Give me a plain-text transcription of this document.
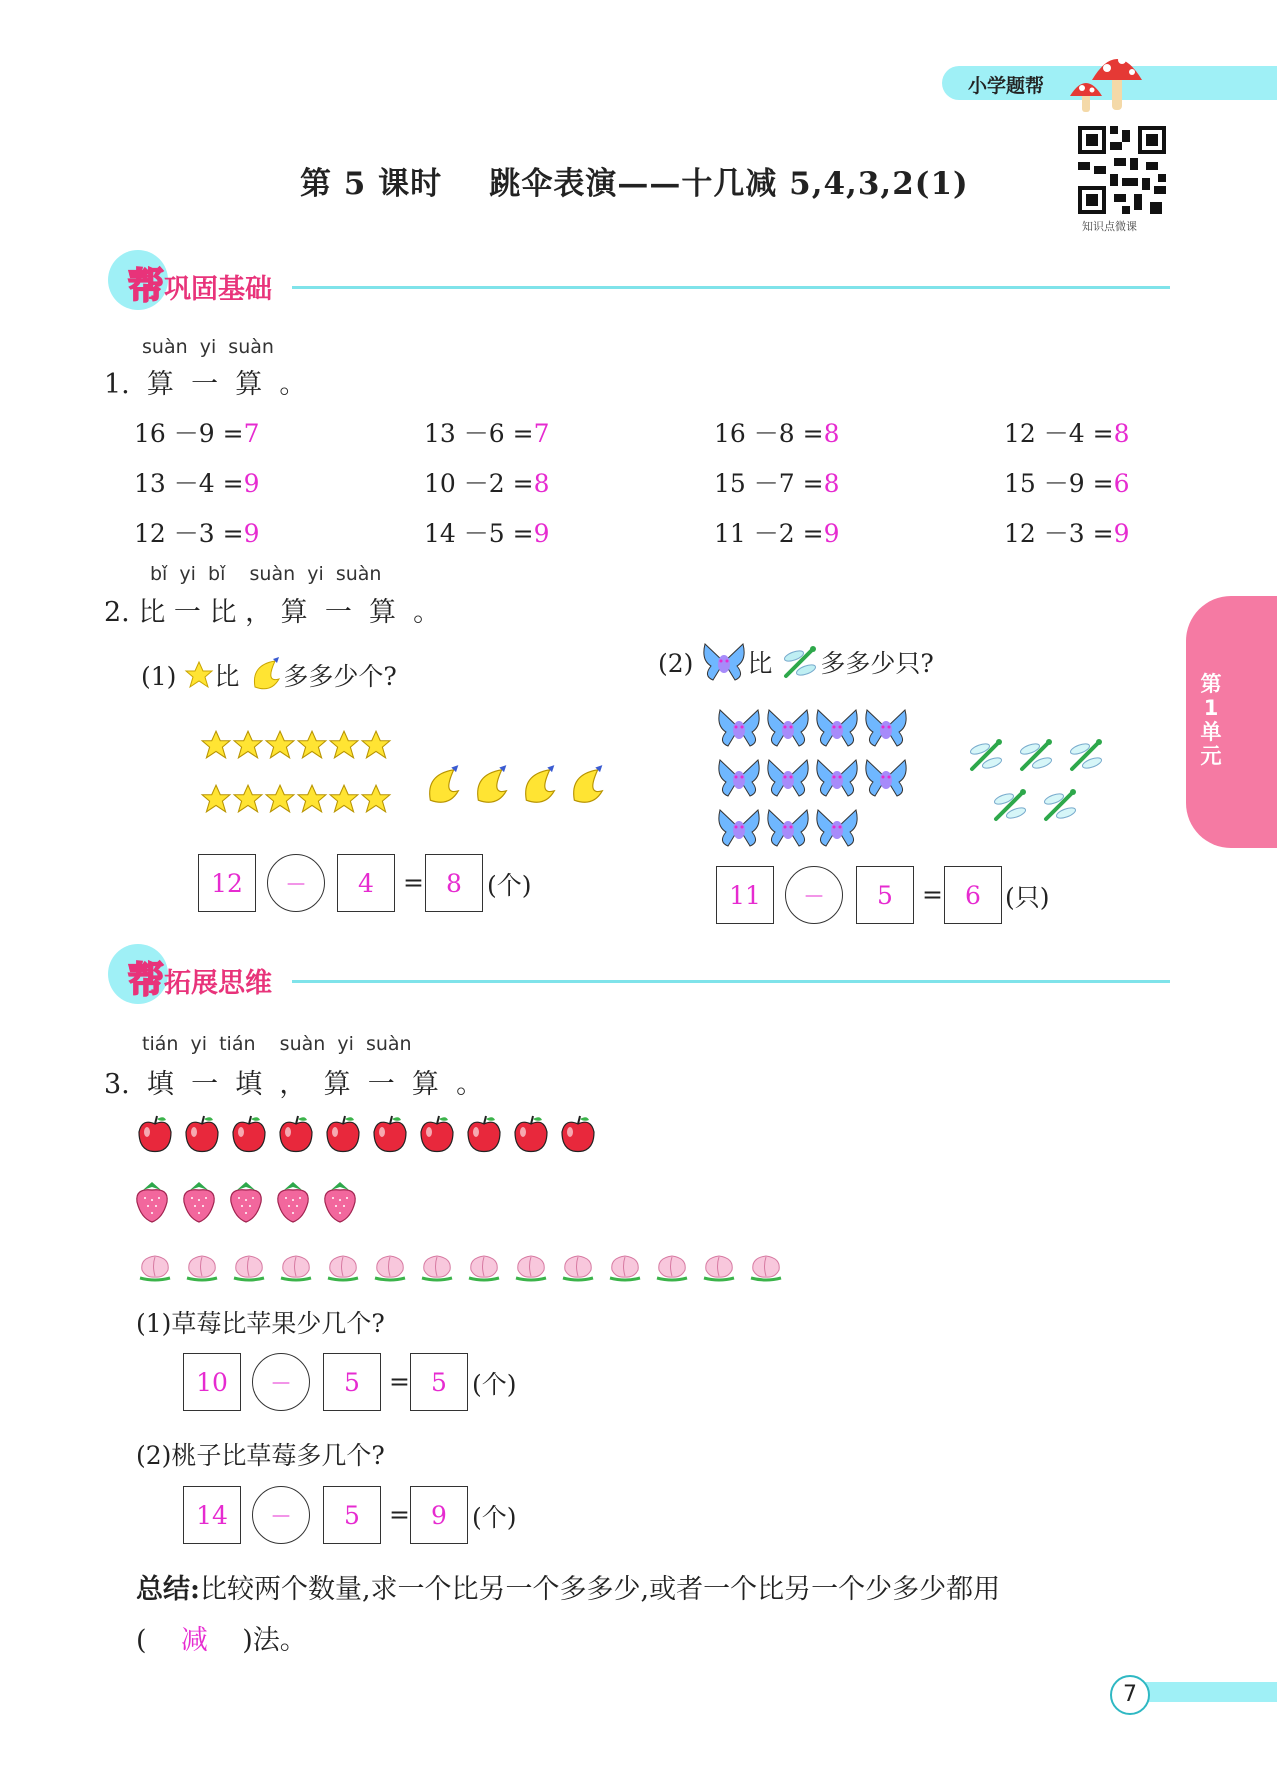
小学题帮
第 5 课时 跳伞表演——十几减 5,4,3,2(1)
知识点微课
第1单元
帮巩固基础
suàn  yi  suàn
1.  算  一  算  。
16 －9 =7	13 －6 =7	16 －8 =8	12 －4 =8
13 －4 =9	10 －2 =8	15 －7 =8	15 －9 =6
12 －3 =9	14 －5 =9	11 －2 =9	12 －3 =9
bǐ  yi  bǐ    suàn  yi  suàn
2. 比 一 比 ， 算  一  算  。
(1) 比 多多少个?
12 － 4 = 8 (个)
(2) 比 多多少只?
11 － 5 = 6 (只)
帮拓展思维
tián  yi  tián    suàn  yi  suàn
3.  填  一  填  ，  算  一  算  。
(1)草莓比苹果少几个?
10 － 5 = 5 (个)
(2)桃子比草莓多几个?
14 － 5 = 9 (个)
总结:比较两个数量,求一个比另一个多多少,或者一个比另一个少多少都用
( 减 )法。
7
